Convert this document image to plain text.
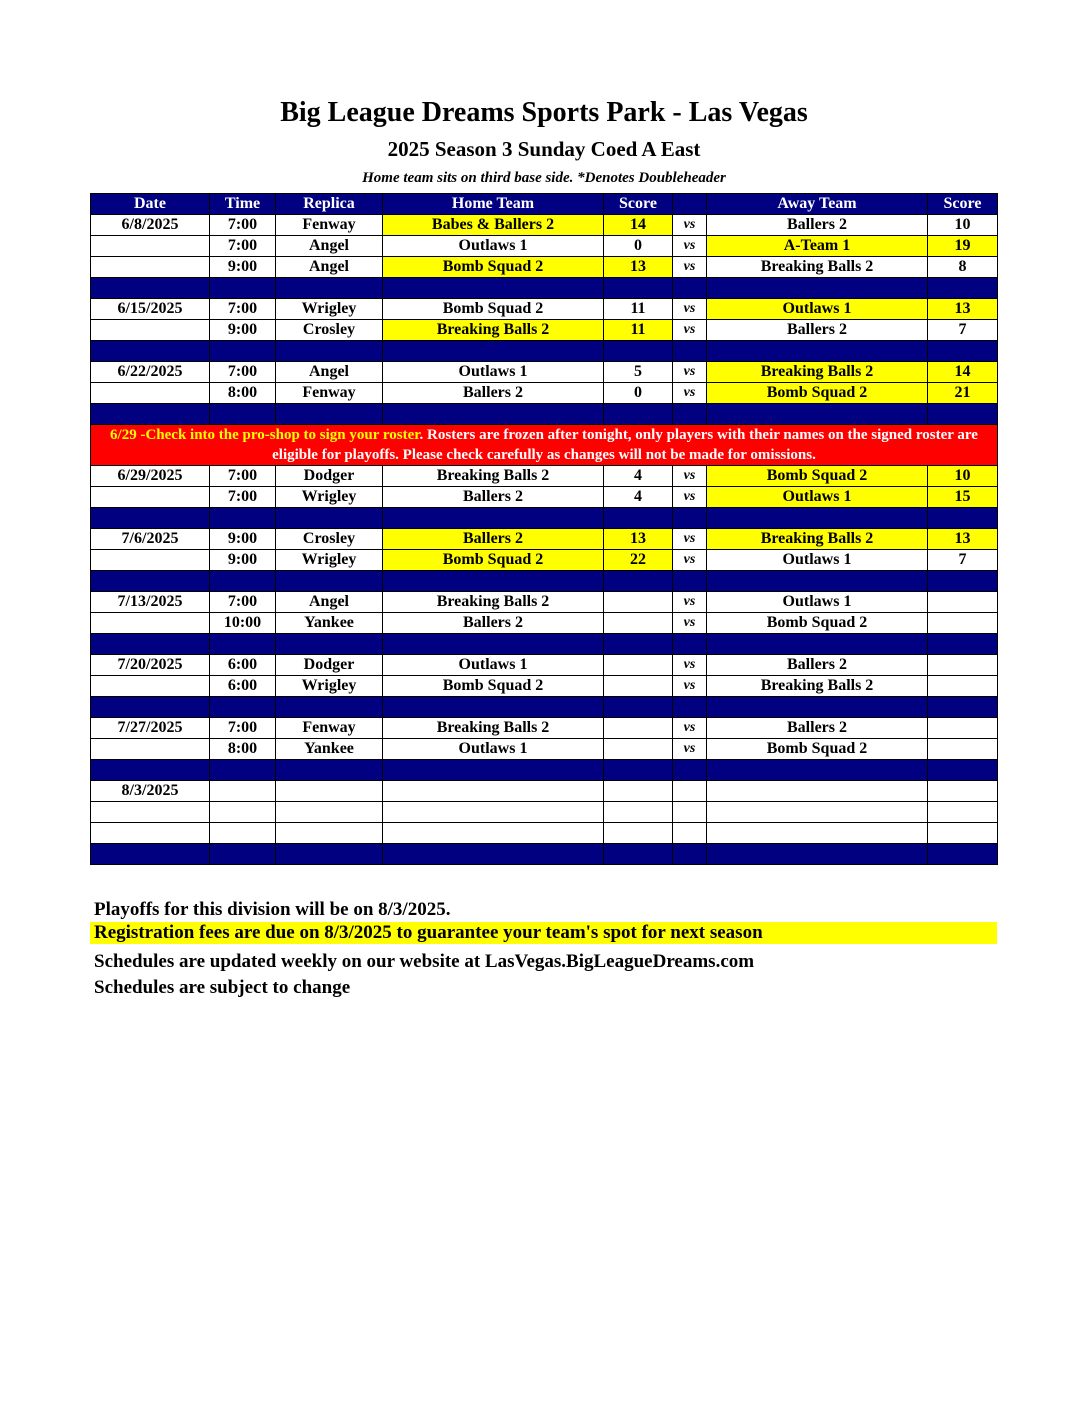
Big League Dreams Sports Park - Las Vegas
2025 Season 3 Sunday Coed A East
Home team sits on third base side. *Denotes Doubleheader
Date	Time	Replica	Home Team	Score		Away Team	Score
6/8/2025	7:00	Fenway	Babes & Ballers 2	14	vs	Ballers 2	10
	7:00	Angel	Outlaws 1	0	vs	A-Team 1	19
	9:00	Angel	Bomb Squad 2	13	vs	Breaking Balls 2	8

6/15/2025	7:00	Wrigley	Bomb Squad 2	11	vs	Outlaws 1	13
	9:00	Crosley	Breaking Balls 2	11	vs	Ballers 2	7

6/22/2025	7:00	Angel	Outlaws 1	5	vs	Breaking Balls 2	14
	8:00	Fenway	Ballers 2	0	vs	Bomb Squad 2	21

6/29 -Check into the pro-shop to sign your roster. Rosters are frozen after tonight, only players with their names on the signed roster are eligible for playoffs. Please check carefully as changes will not be made for omissions.							
6/29/2025	7:00	Dodger	Breaking Balls 2	4	vs	Bomb Squad 2	10
	7:00	Wrigley	Ballers 2	4	vs	Outlaws 1	15

7/6/2025	9:00	Crosley	Ballers 2	13	vs	Breaking Balls 2	13
	9:00	Wrigley	Bomb Squad 2	22	vs	Outlaws 1	7

7/13/2025	7:00	Angel	Breaking Balls 2		vs	Outlaws 1	
	10:00	Yankee	Ballers 2		vs	Bomb Squad 2	

7/20/2025	6:00	Dodger	Outlaws 1		vs	Ballers 2	
	6:00	Wrigley	Bomb Squad 2		vs	Breaking Balls 2	

7/27/2025	7:00	Fenway	Breaking Balls 2		vs	Ballers 2	
	8:00	Yankee	Outlaws 1		vs	Bomb Squad 2	

8/3/2025							

Playoffs for this division will be on 8/3/2025.
Registration fees are due on 8/3/2025 to guarantee your team's spot for next season
Schedules are updated weekly on our website at LasVegas.BigLeagueDreams.com
Schedules are subject to change
